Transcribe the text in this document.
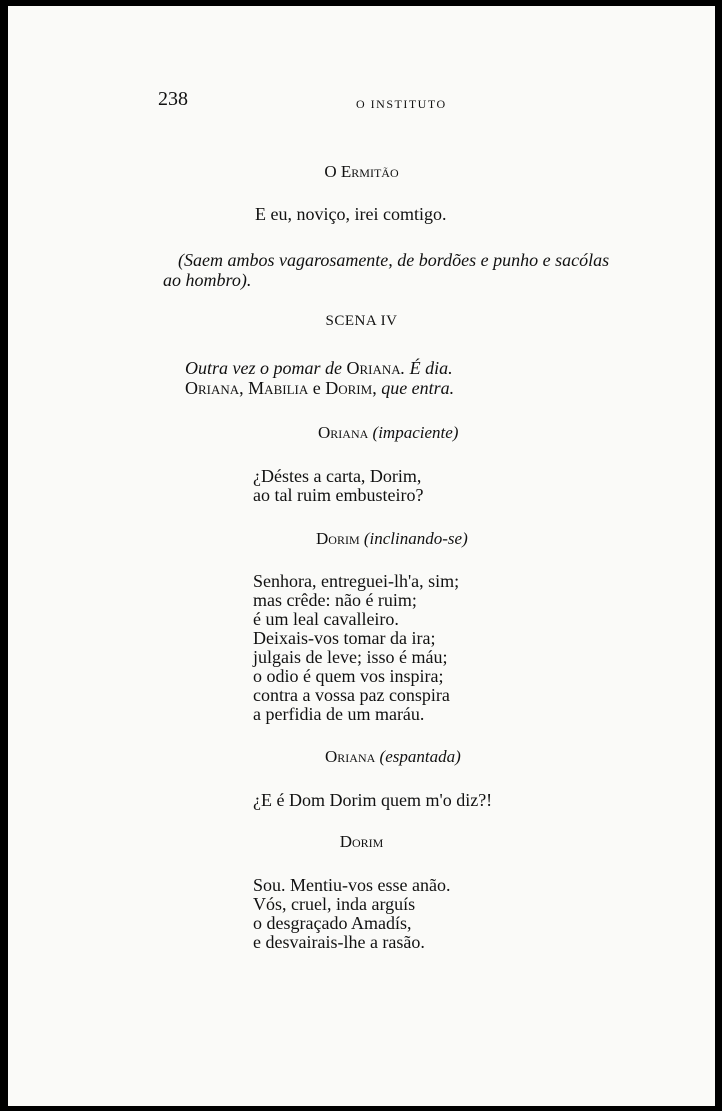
238	O INSTITUTO
O Ermitão
E eu, noviço, irei comtigo.
(Saem ambos vagarosamente, de bordões e punho e sacólas
ao hombro).
SCENA IV
Outra vez o pomar de Oriana. É dia.
Oriana, Mabilia e Dorim, que entra.
Oriana (impaciente)
¿Déstes a carta, Dorim,
ao tal ruim embusteiro?
Dorim (inclinando-se)
Senhora, entreguei-lh'a, sim;
mas crêde: não é ruim;
é um leal cavalleiro.
Deixais-vos tomar da ira;
julgais de leve; isso é máu;
o odio é quem vos inspira;
contra a vossa paz conspira
a perfidia de um maráu.
Oriana (espantada)
¿E é Dom Dorim quem m'o diz?!
Dorim
Sou. Mentiu-vos esse anão.
Vós, cruel, inda arguís
o desgraçado Amadís,
e desvairais-lhe a rasão.
